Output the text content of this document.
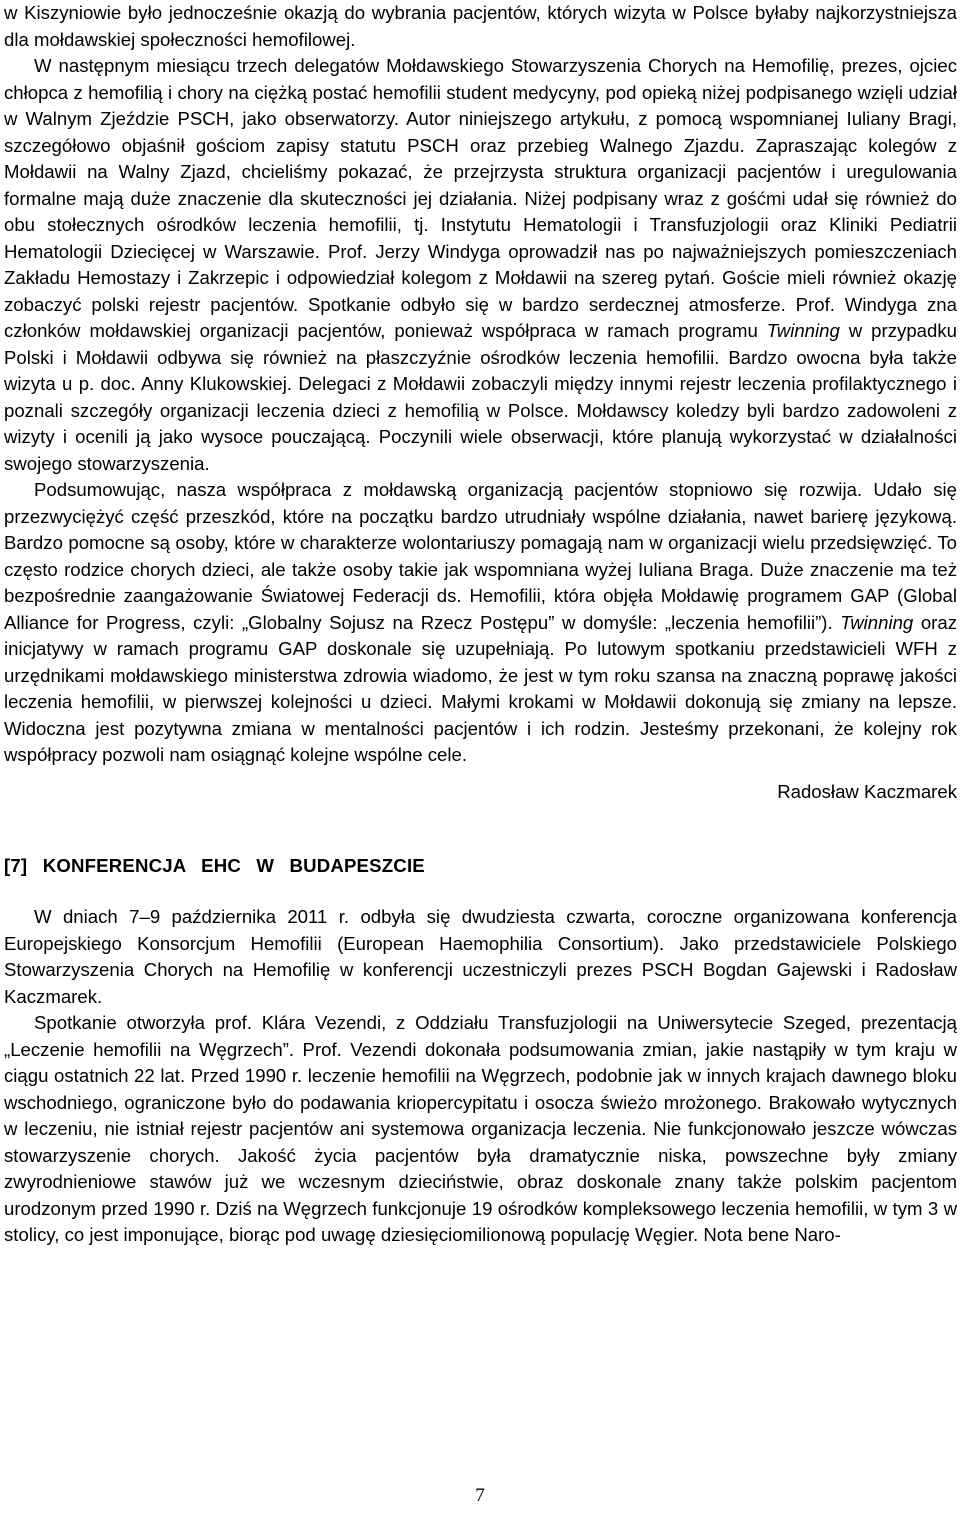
w Kiszyniowie było jednocześnie okazją do wybrania pacjentów, których wizyta w Polsce byłaby najkorzystniejsza dla mołdawskiej społeczności hemofilowej.

W następnym miesiącu trzech delegatów Mołdawskiego Stowarzyszenia Chorych na Hemofilię, prezes, ojciec chłopca z hemofilią i chory na ciężką postać hemofilii student medycyny, pod opieką niżej podpisanego wzięli udział w Walnym Zjeździe PSCH, jako obserwatorzy. Autor niniejszego artykułu, z pomocą wspomnianej Iuliany Bragi, szczegółowo objaśnił gościom zapisy statutu PSCH oraz przebieg Walnego Zjazdu. Zapraszając kolegów z Mołdawii na Walny Zjazd, chcieliśmy pokazać, że przejrzysta struktura organizacji pacjentów i uregulowania formalne mają duże znaczenie dla skuteczności jej działania. Niżej podpisany wraz z gośćmi udał się również do obu stołecznych ośrodków leczenia hemofilii, tj. Instytutu Hematologii i Transfuzjologii oraz Kliniki Pediatrii Hematologii Dziecięcej w Warszawie. Prof. Jerzy Windyga oprowadził nas po najważniejszych pomieszczeniach Zakładu Hemostazy i Zakrzepic i odpowiedział kolegom z Mołdawii na szereg pytań. Goście mieli również okazję zobaczyć polski rejestr pacjentów. Spotkanie odbyło się w bardzo serdecznej atmosferze. Prof. Windyga zna członków mołdawskiej organizacji pacjentów, ponieważ współpraca w ramach programu Twinning w przypadku Polski i Mołdawii odbywa się również na płaszczyźnie ośrodków leczenia hemofilii. Bardzo owocna była także wizyta u p. doc. Anny Klukowskiej. Delegaci z Mołdawii zobaczyli między innymi rejestr leczenia profilaktycznego i poznali szczegóły organizacji leczenia dzieci z hemofilią w Polsce. Mołdawscy koledzy byli bardzo zadowoleni z wizyty i ocenili ją jako wysoce pouczającą. Poczynili wiele obserwacji, które planują wykorzystać w działalności swojego stowarzyszenia.

Podsumowując, nasza współpraca z mołdawską organizacją pacjentów stopniowo się rozwija. Udało się przezwyciężyć część przeszkód, które na początku bardzo utrudniały wspólne działania, nawet barierę językową. Bardzo pomocne są osoby, które w charakterze wolontariuszy pomagają nam w organizacji wielu przedsięwzięć. To często rodzice chorych dzieci, ale także osoby takie jak wspomniana wyżej Iuliana Braga. Duże znaczenie ma też bezpośrednie zaangażowanie Światowej Federacji ds. Hemofilii, która objęła Mołdawię programem GAP (Global Alliance for Progress, czyli: „Globalny Sojusz na Rzecz Postępu” w domyśle: „leczenia hemofilii”). Twinning oraz inicjatywy w ramach programu GAP doskonale się uzupełniają. Po lutowym spotkaniu przedstawicieli WFH z urzędnikami mołdawskiego ministerstwa zdrowia wiadomo, że jest w tym roku szansa na znaczną poprawę jakości leczenia hemofilii, w pierwszej kolejności u dzieci. Małymi krokami w Mołdawii dokonują się zmiany na lepsze. Widoczna jest pozytywna zmiana w mentalności pacjentów i ich rodzin. Jesteśmy przekonani, że kolejny rok współpracy pozwoli nam osiągnąć kolejne wspólne cele.

Radosław Kaczmarek

[7] KONFERENCJA EHC W BUDAPESZCIE

W dniach 7–9 października 2011 r. odbyła się dwudziesta czwarta, coroczne organizowana konferencja Europejskiego Konsorcjum Hemofilii (European Haemophilia Consortium). Jako przedstawiciele Polskiego Stowarzyszenia Chorych na Hemofilię w konferencji uczestniczyli prezes PSCH Bogdan Gajewski i Radosław Kaczmarek.

Spotkanie otworzyła prof. Klára Vezendi, z Oddziału Transfuzjologii na Uniwersytecie Szeged, prezentacją „Leczenie hemofilii na Węgrzech”. Prof. Vezendi dokonała podsumowania zmian, jakie nastąpiły w tym kraju w ciągu ostatnich 22 lat. Przed 1990 r. leczenie hemofilii na Węgrzech, podobnie jak w innych krajach dawnego bloku wschodniego, ograniczone było do podawania kriopercypitatu i osocza świeżo mrożonego. Brakowało wytycznych w leczeniu, nie istniał rejestr pacjentów ani systemowa organizacja leczenia. Nie funkcjonowało jeszcze wówczas stowarzyszenie chorych. Jakość życia pacjentów była dramatycznie niska, powszechne były zmiany zwyrodnieniowe stawów już we wczesnym dzieciństwie, obraz doskonale znany także polskim pacjentom urodzonym przed 1990 r. Dziś na Węgrzech funkcjonuje 19 ośrodków kompleksowego leczenia hemofilii, w tym 3 w stolicy, co jest imponujące, biorąc pod uwagę dziesięciomilionową populację Węgier. Nota bene Naro-

7
